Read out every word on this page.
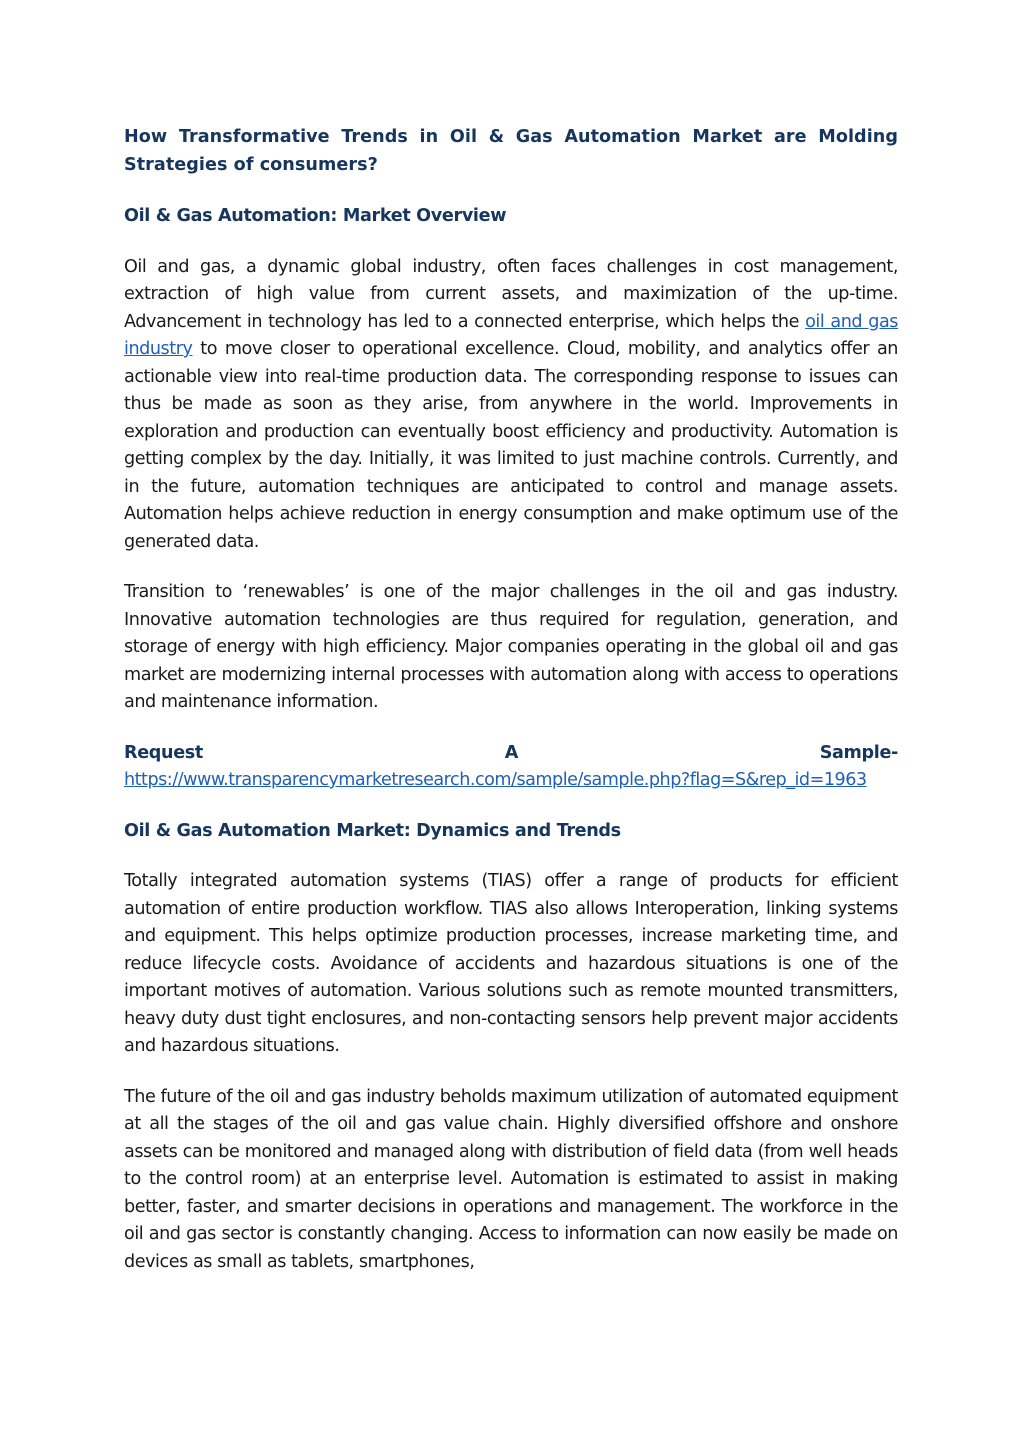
How Transformative Trends in Oil & Gas Automation Market are Molding Strategies of consumers?
Oil & Gas Automation: Market Overview

Oil and gas, a dynamic global industry, often faces challenges in cost management, extraction of high value from current assets, and maximization of the up-time. Advancement in technology has led to a connected enterprise, which helps the oil and gas industry to move closer to operational excellence. Cloud, mobility, and analytics offer an actionable view into real-time production data. The corresponding response to issues can thus be made as soon as they arise, from anywhere in the world. Improvements in exploration and production can eventually boost efficiency and productivity. Automation is getting complex by the day. Initially, it was limited to just machine controls. Currently, and in the future, automation techniques are anticipated to control and manage assets. Automation helps achieve reduction in energy consumption and make optimum use of the generated data.

Transition to ‘renewables’ is one of the major challenges in the oil and gas industry. Innovative automation technologies are thus required for regulation, generation, and storage of energy with high efficiency. Major companies operating in the global oil and gas market are modernizing internal processes with automation along with access to operations and maintenance information.

Request	A	Sample-
https://www.transparencymarketresearch.com/sample/sample.php?flag=S&rep_id=1963
Oil & Gas Automation Market: Dynamics and Trends

Totally integrated automation systems (TIAS) offer a range of products for efficient automation of entire production workflow. TIAS also allows Interoperation, linking systems and equipment. This helps optimize production processes, increase marketing time, and reduce lifecycle costs. Avoidance of accidents and hazardous situations is one of the important motives of automation. Various solutions such as remote mounted transmitters, heavy duty dust tight enclosures, and non-contacting sensors help prevent major accidents and hazardous situations.

The future of the oil and gas industry beholds maximum utilization of automated equipment at all the stages of the oil and gas value chain. Highly diversified offshore and onshore assets can be monitored and managed along with distribution of field data (from well heads to the control room) at an enterprise level. Automation is estimated to assist in making better, faster, and smarter decisions in operations and management. The workforce in the oil and gas sector is constantly changing. Access to information can now easily be made on devices as small as tablets, smartphones,
